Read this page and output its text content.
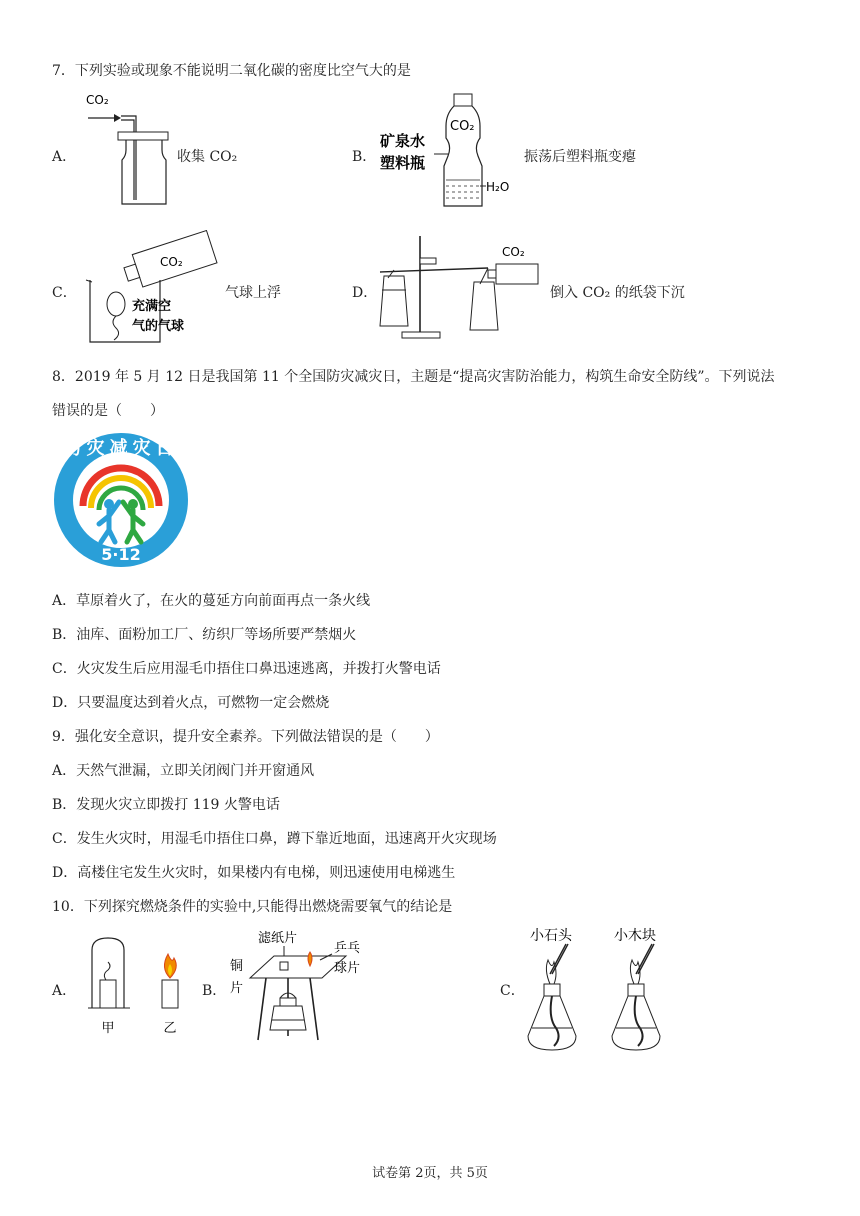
7．下列实验或现象不能说明二氧化碳的密度比空气大的是
A．
CO₂
收集 CO₂	B．
CO₂
矿泉水
塑料瓶
H₂O
振荡后塑料瓶变瘪
C．
CO₂
充满空
气的气球
气球上浮	D．
CO₂
倒入 CO₂ 的纸袋下沉
8．2019 年 5 月 12 日是我国第 11 个全国防灾减灾日，主题是“提高灾害防治能力，构筑生命安全防线”。下列说法
错误的是（　　）
防灾减灾日
5·12
A．草原着火了，在火的蔓延方向前面再点一条火线
B．油库、面粉加工厂、纺织厂等场所要严禁烟火
C．火灾发生后应用湿毛巾捂住口鼻迅速逃离，并拨打火警电话
D．只要温度达到着火点，可燃物一定会燃烧
9．强化安全意识，提升安全素养。下列做法错误的是（　　）
A．天然气泄漏，立即关闭阀门并开窗通风
B．发现火灾立即拨打 119 火警电话
C．发生火灾时，用湿毛巾捂住口鼻，蹲下靠近地面，迅速离开火灾现场
D．高楼住宅发生火灾时，如果楼内有电梯，则迅速使用电梯逃生
10．下列探究燃烧条件的实验中,只能得出燃烧需要氧气的结论是
A．
甲	乙
B．
滤纸片
乒乓
球片
铜
片	C．
小石头	小木块
试卷第 2页，共 5页
